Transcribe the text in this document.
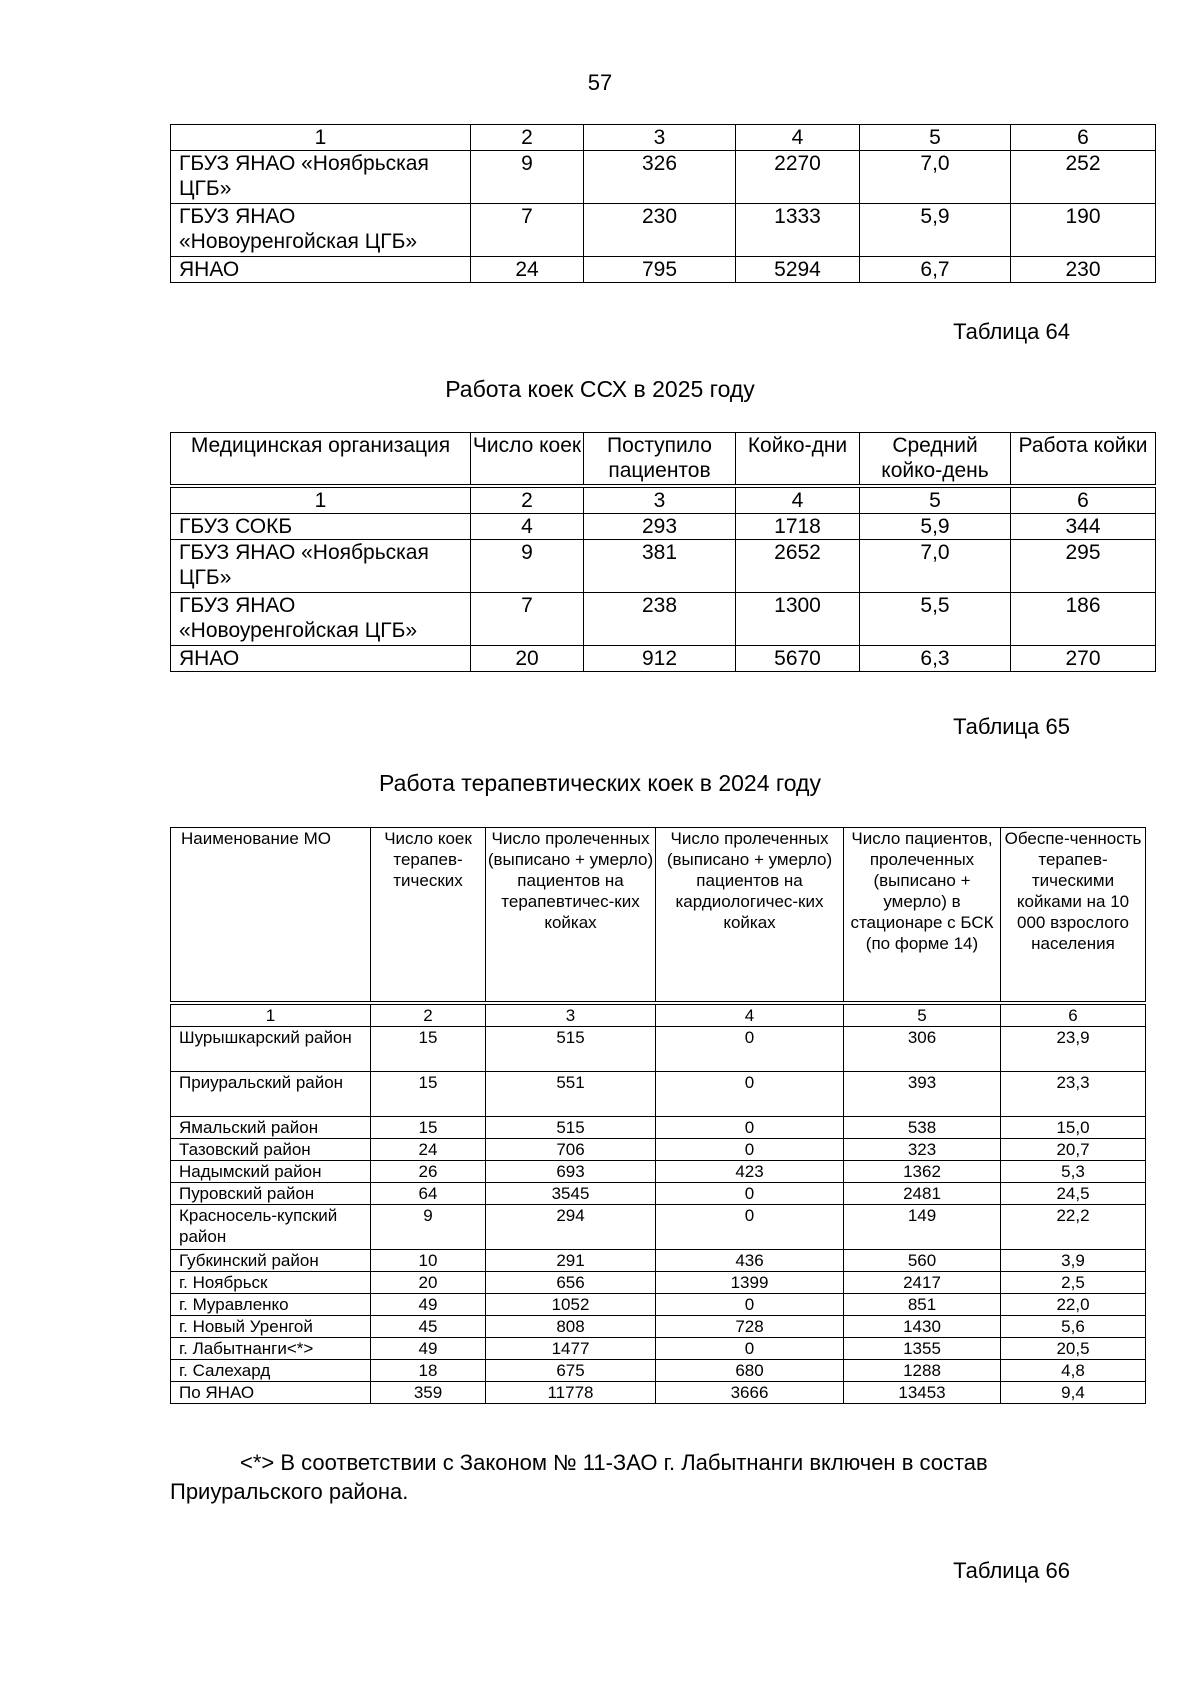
57
1	2	3	4	5	6
ГБУЗ ЯНАО «Ноябрьская ЦГБ»	9	326	2270	7,0	252
ГБУЗ ЯНАО «Новоуренгойская ЦГБ»	7	230	1333	5,9	190
ЯНАО	24	795	5294	6,7	230
Таблица 64
Работа коек ССХ в 2025 году
Медицинская организация	Число коек	Поступило пациентов	Койко-дни	Средний койко-день	Работа койки
1	2	3	4	5	6
ГБУЗ СОКБ	4	293	1718	5,9	344
ГБУЗ ЯНАО «Ноябрьская ЦГБ»	9	381	2652	7,0	295
ГБУЗ ЯНАО «Новоуренгойская ЦГБ»	7	238	1300	5,5	186
ЯНАО	20	912	5670	6,3	270
Таблица 65
Работа терапевтических коек в 2024 году
Наименование МО	Число коек терапев-тических	Число пролеченных (выписано + умерло) пациентов на терапевтичес-ких койках	Число пролеченных (выписано + умерло) пациентов на кардиологичес-ких койках	Число пациентов, пролеченных (выписано + умерло) в стационаре с БСК (по форме 14)	Обеспе-ченность терапев-тическими койками на 10 000 взрослого населения
1	2	3	4	5	6
Шурышкарский район	15	515	0	306	23,9
Приуральский район	15	551	0	393	23,3
Ямальский район	15	515	0	538	15,0
Тазовский район	24	706	0	323	20,7
Надымский район	26	693	423	1362	5,3
Пуровский район	64	3545	0	2481	24,5
Красносель-купский район	9	294	0	149	22,2
Губкинский район	10	291	436	560	3,9
г. Ноябрьск	20	656	1399	2417	2,5
г. Муравленко	49	1052	0	851	22,0
г. Новый Уренгой	45	808	728	1430	5,6
г. Лабытнанги<*>	49	1477	0	1355	20,5
г. Салехард	18	675	680	1288	4,8
По ЯНАО	359	11778	3666	13453	9,4
<*> В соответствии с Законом № 11-ЗАО г. Лабытнанги включен в состав Приуральского района.
Таблица 66
